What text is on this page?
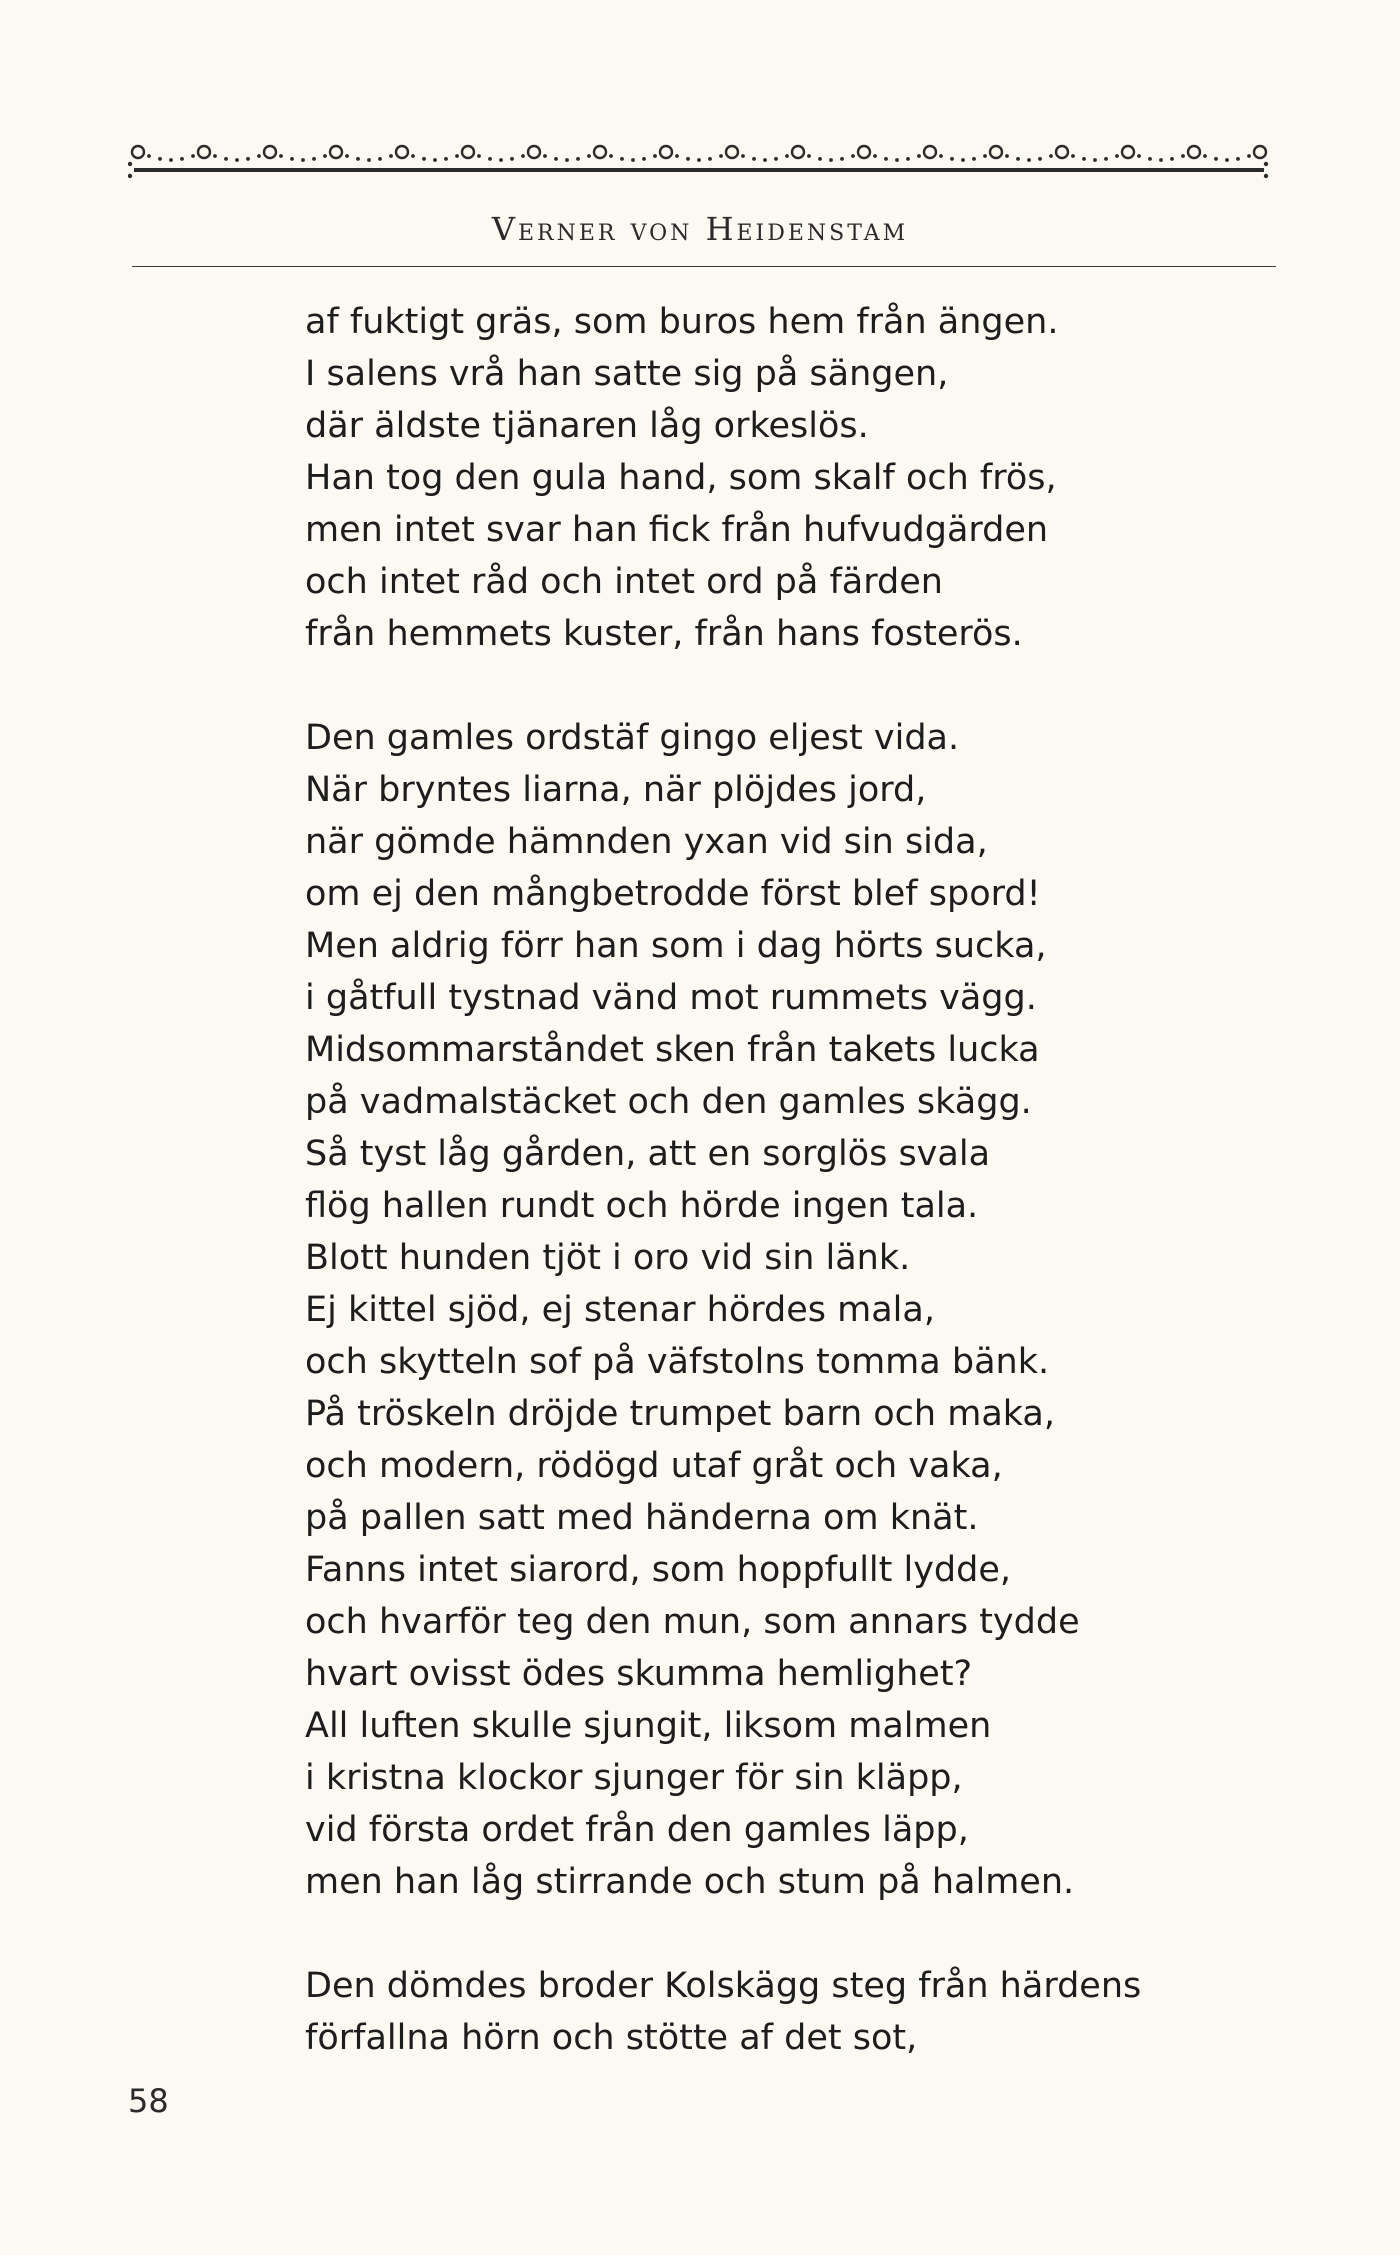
Verner von Heidenstam
af fuktigt gräs, som buros hem från ängen.
I salens vrå han satte sig på sängen,
där äldste tjänaren låg orkeslös.
Han tog den gula hand, som skalf och frös,
men intet svar han fick från hufvudgärden
och intet råd och intet ord på färden
från hemmets kuster, från hans fosterös.
Den gamles ordstäf gingo eljest vida.
När bryntes liarna, när plöjdes jord,
när gömde hämnden yxan vid sin sida,
om ej den mångbetrodde först blef spord!
Men aldrig förr han som i dag hörts sucka,
i gåtfull tystnad vänd mot rummets vägg.
Midsommarståndet sken från takets lucka
på vadmalstäcket och den gamles skägg.
Så tyst låg gården, att en sorglös svala
flög hallen rundt och hörde ingen tala.
Blott hunden tjöt i oro vid sin länk.
Ej kittel sjöd, ej stenar hördes mala,
och skytteln sof på väfstolns tomma bänk.
På tröskeln dröjde trumpet barn och maka,
och modern, rödögd utaf gråt och vaka,
på pallen satt med händerna om knät.
Fanns intet siarord, som hoppfullt lydde,
och hvarför teg den mun, som annars tydde
hvart ovisst ödes skumma hemlighet?
All luften skulle sjungit, liksom malmen
i kristna klockor sjunger för sin kläpp,
vid första ordet från den gamles läpp,
men han låg stirrande och stum på halmen.
Den dömdes broder Kolskägg steg från härdens
förfallna hörn och stötte af det sot,
58
